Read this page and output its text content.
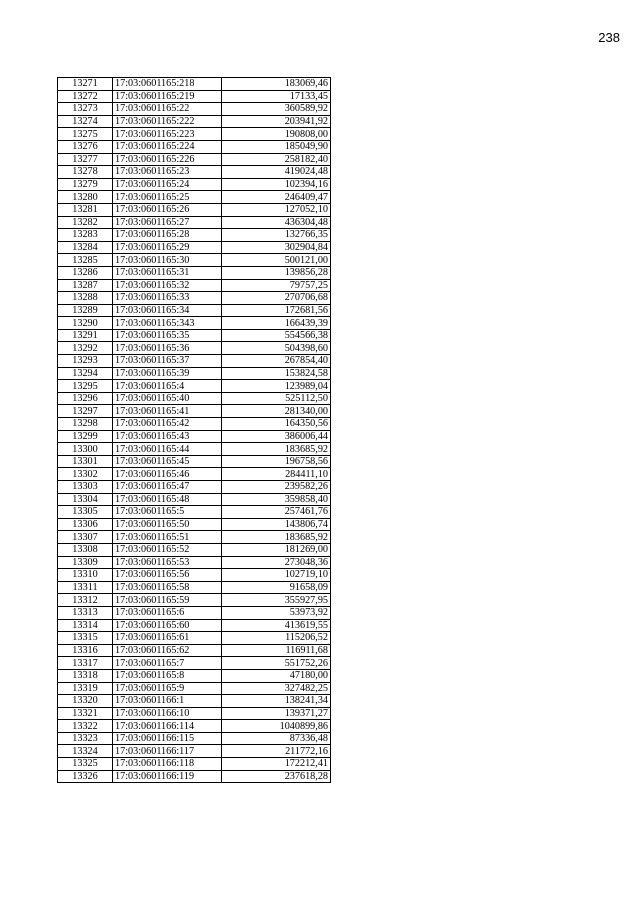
238
13271	17:03:0601165:218	183069,46
13272	17:03:0601165:219	17133,45
13273	17:03:0601165:22	360589,92
13274	17:03:0601165:222	203941,92
13275	17:03:0601165:223	190808,00
13276	17:03:0601165:224	185049,90
13277	17:03:0601165:226	258182,40
13278	17:03:0601165:23	419024,48
13279	17:03:0601165:24	102394,16
13280	17:03:0601165:25	246409,47
13281	17:03:0601165:26	127052,10
13282	17:03:0601165:27	436304,48
13283	17:03:0601165:28	132766,35
13284	17:03:0601165:29	302904,84
13285	17:03:0601165:30	500121,00
13286	17:03:0601165:31	139856,28
13287	17:03:0601165:32	79757,25
13288	17:03:0601165:33	270706,68
13289	17:03:0601165:34	172681,56
13290	17:03:0601165:343	166439,39
13291	17:03:0601165:35	554566,38
13292	17:03:0601165:36	504398,60
13293	17:03:0601165:37	267854,40
13294	17:03:0601165:39	153824,58
13295	17:03:0601165:4	123989,04
13296	17:03:0601165:40	525112,50
13297	17:03:0601165:41	281340,00
13298	17:03:0601165:42	164350,56
13299	17:03:0601165:43	386006,44
13300	17:03:0601165:44	183685,92
13301	17:03:0601165:45	196758,56
13302	17:03:0601165:46	284411,10
13303	17:03:0601165:47	239582,26
13304	17:03:0601165:48	359858,40
13305	17:03:0601165:5	257461,76
13306	17:03:0601165:50	143806,74
13307	17:03:0601165:51	183685,92
13308	17:03:0601165:52	181269,00
13309	17:03:0601165:53	273048,36
13310	17:03:0601165:56	102719,10
13311	17:03:0601165:58	91658,09
13312	17:03:0601165:59	355927,95
13313	17:03:0601165:6	53973,92
13314	17:03:0601165:60	413619,55
13315	17:03:0601165:61	115206,52
13316	17:03:0601165:62	116911,68
13317	17:03:0601165:7	551752,26
13318	17:03:0601165:8	47180,00
13319	17:03:0601165:9	327482,25
13320	17:03:0601166:1	138241,34
13321	17:03:0601166:10	139371,27
13322	17:03:0601166:114	1040899,86
13323	17:03:0601166:115	87336,48
13324	17:03:0601166:117	211772,16
13325	17:03:0601166:118	172212,41
13326	17:03:0601166:119	237618,28
